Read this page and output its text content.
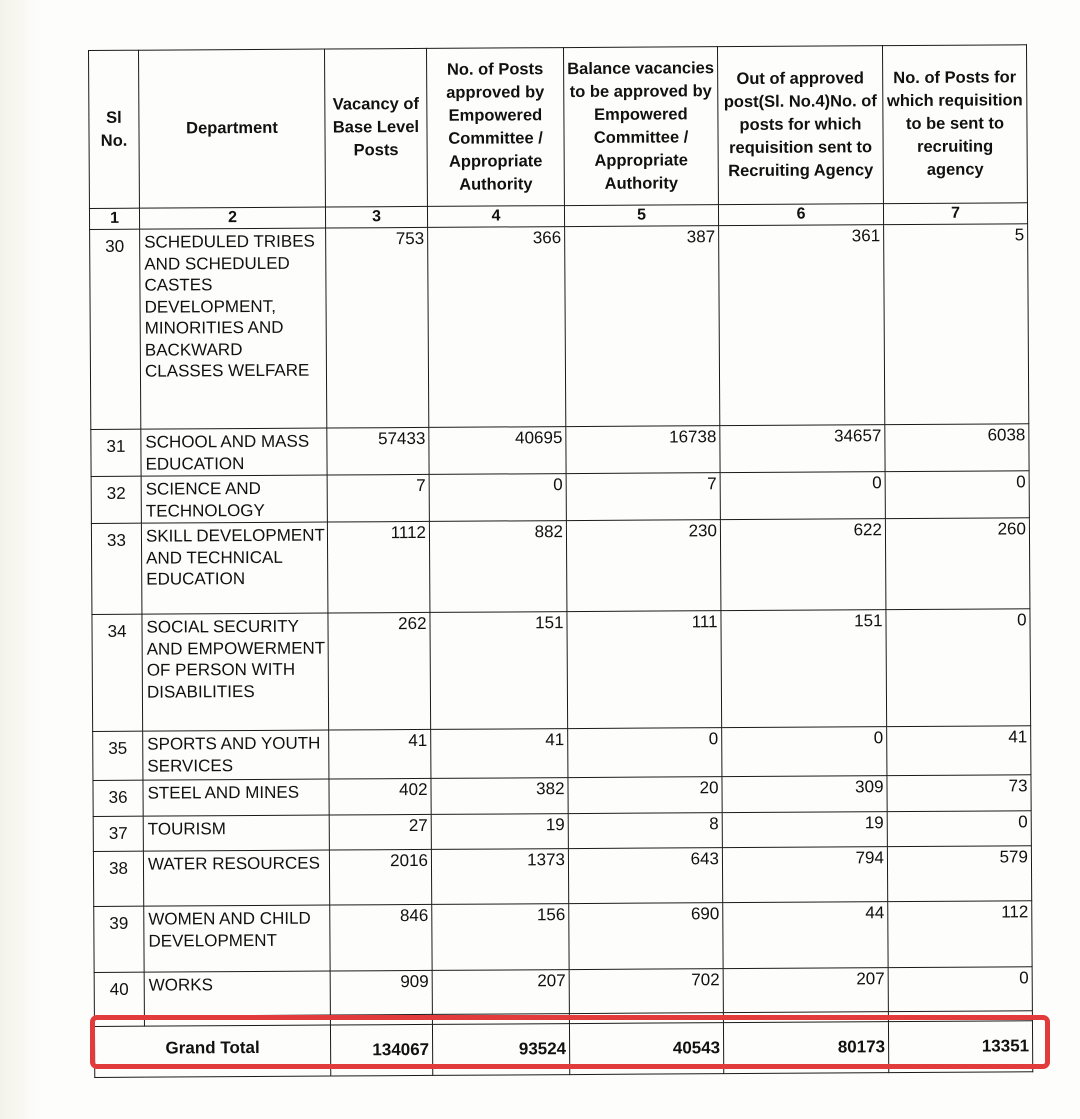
Sl No.	Department	Vacancy of Base Level Posts	No. of Posts approved by Empowered Committee / Appropriate Authority	Balance vacancies to be approved by Empowered Committee / Appropriate Authority	Out of approved post(Sl. No.4)No. of posts for which requisition sent to Recruiting Agency	No. of Posts for which requisition to be sent to recruiting agency
1	2	3	4	5	6	7
30	SCHEDULED TRIBES AND SCHEDULED CASTES DEVELOPMENT, MINORITIES AND BACKWARD CLASSES WELFARE	753	366	387	361	5
31	SCHOOL AND MASS EDUCATION	57433	40695	16738	34657	6038
32	SCIENCE AND TECHNOLOGY	7	0	7	0	0
33	SKILL DEVELOPMENT AND TECHNICAL EDUCATION	1112	882	230	622	260
34	SOCIAL SECURITY AND EMPOWERMENT OF PERSON WITH DISABILITIES	262	151	111	151	0
35	SPORTS AND YOUTH SERVICES	41	41	0	0	41
36	STEEL AND MINES	402	382	20	309	73
37	TOURISM	27	19	8	19	0
38	WATER RESOURCES	2016	1373	643	794	579
39	WOMEN AND CHILD DEVELOPMENT	846	156	690	44	112
40	WORKS	909	207	702	207	0

Grand Total		134067	93524	40543	80173	13351
